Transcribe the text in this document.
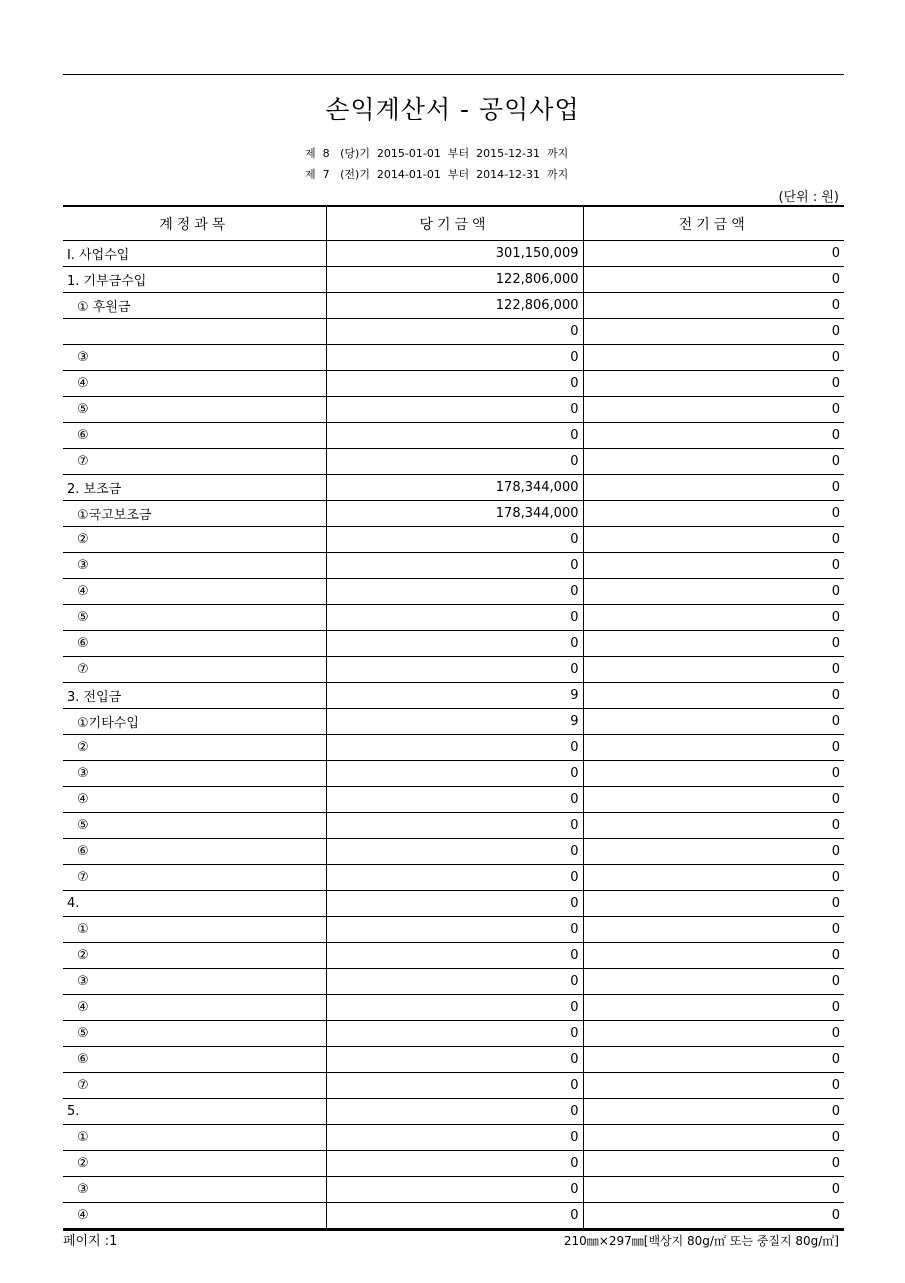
손익계산서 - 공익사업
제  8   (당)기  2015-01-01  부터  2015-12-31  까지
제  7   (전)기  2014-01-01  부터  2014-12-31  까지
(단위 : 원)
계정과목	당기금액	전기금액
Ⅰ. 사업수입	301,150,009	0
1. 기부금수입	122,806,000	0
① 후원금	122,806,000	0
	0	0
③	0	0
④	0	0
⑤	0	0
⑥	0	0
⑦	0	0
2. 보조금	178,344,000	0
①국고보조금	178,344,000	0
②	0	0
③	0	0
④	0	0
⑤	0	0
⑥	0	0
⑦	0	0
3. 전입금	9	0
①기타수입	9	0
②	0	0
③	0	0
④	0	0
⑤	0	0
⑥	0	0
⑦	0	0
4.	0	0
①	0	0
②	0	0
③	0	0
④	0	0
⑤	0	0
⑥	0	0
⑦	0	0
5.	0	0
①	0	0
②	0	0
③	0	0
④	0	0
페이지 :1	210㎜×297㎜[백상지 80g/㎡ 또는 중질지 80g/㎡]
